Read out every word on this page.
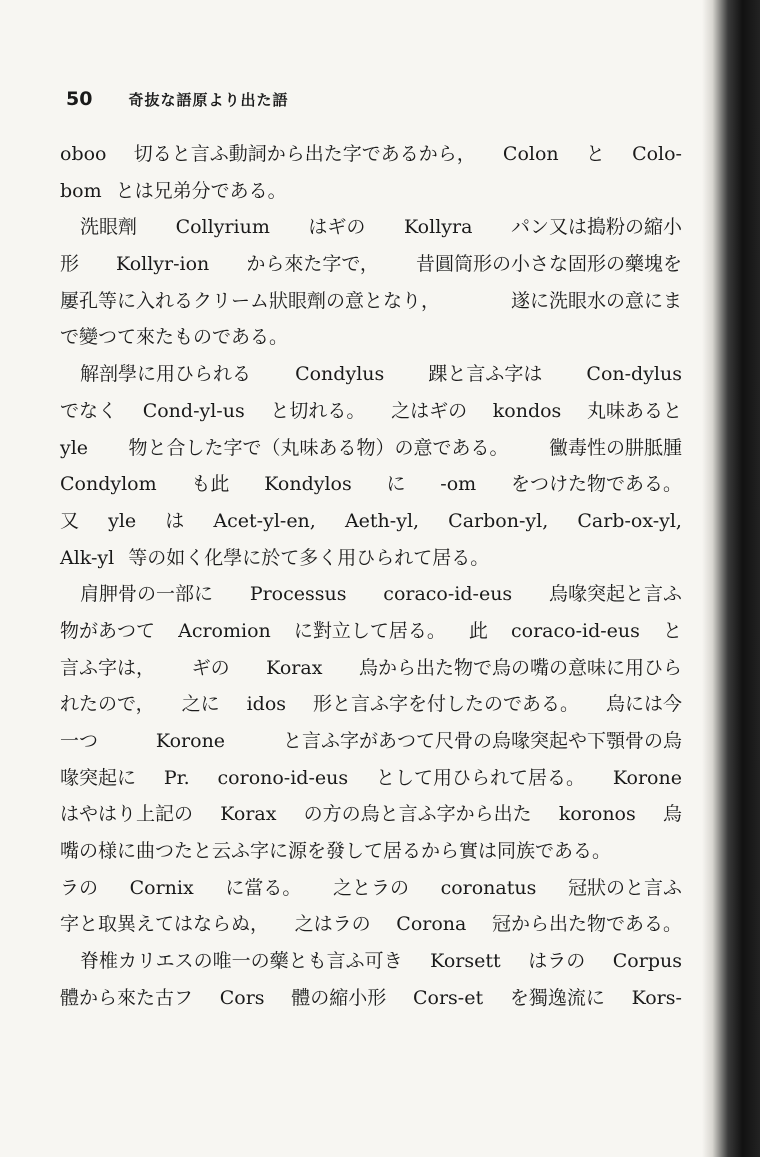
50 奇抜な語原より出た語
oboo 切ると言ふ動詞から出た字であるから， Colon と Colo-
bom とは兄弟分である。
洗眼劑 Collyrium はギの Kollyra パン又は搗粉の縮小
形 Kollyr-ion から來た字で， 昔圓筒形の小さな固形の藥塊を
屢孔等に入れるクリーム狀眼劑の意となり，	遂に洗眼水の意にま
で變つて來たものである。
解剖學に用ひられる Condylus 踝と言ふ字は Con-dylus
でなく Cond-yl-us と切れる。 之はギの kondos 丸味あると
yle 物と合した字で（丸味ある物）の意である。 黴毒性の肼胝腫
Condylom も此 Kondylos に -om をつけた物である。
又 yle は Acet-yl-en, Aeth-yl, Carbon-yl, Carb-ox-yl,
Alk-yl 等の如く化學に於て多く用ひられて居る。
肩胛骨の一部に Processus coraco-id-eus 烏喙突起と言ふ
物があつて Acromion に對立して居る。 此 coraco-id-eus と
言ふ字は， ギの Korax 烏から出た物で烏の嘴の意味に用ひら
れたので， 之に idos 形と言ふ字を付したのである。 烏には今
一つ	Korone	と言ふ字があつて尺骨の烏喙突起や下顎骨の烏
喙突起に Pr. corono-id-eus として用ひられて居る。 Korone
はやはり上記の Korax の方の烏と言ふ字から出た koronos 烏
嘴の様に曲つたと云ふ字に源を發して居るから實は同族である。
ラの Cornix に當る。 之とラの coronatus 冠狀のと言ふ
字と取異えてはならぬ， 之はラの Corona 冠から出た物である。
脊椎カリエスの唯一の藥とも言ふ可き Korsett はラの Corpus
體から來た古フ Cors 體の縮小形 Cors-et を獨逸流に Kors-
